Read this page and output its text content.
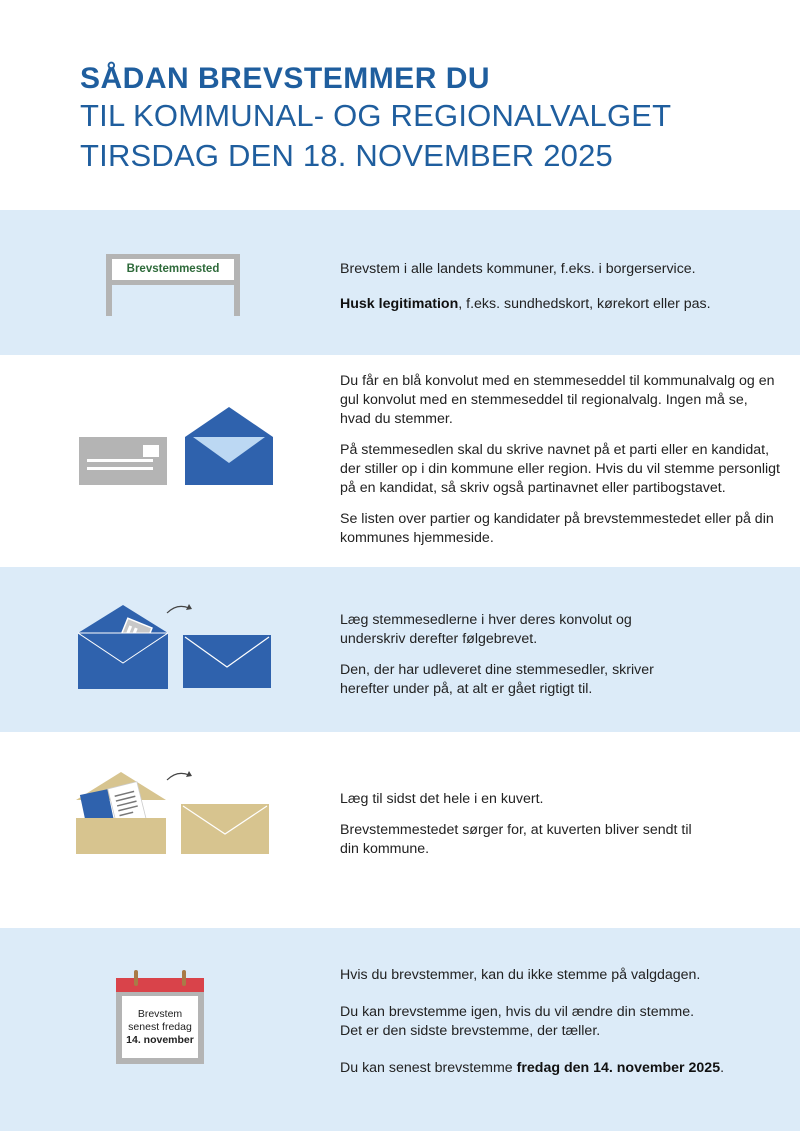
SÅDAN BREVSTEMMER DU
TIL KOMMUNAL- OG REGIONALVALGET
TIRSDAG DEN 18. NOVEMBER 2025
Brevstemmested	Brevstem i alle landets kommuner, f.eks. i borgerservice.

Husk legitimation, f.eks. sundhedskort, kørekort eller pas.

Du får en blå konvolut med en stemmeseddel til kommunalvalg og en gul konvolut med en stemmeseddel til regionalvalg. Ingen må se, hvad du stemmer.

På stemmesedlen skal du skrive navnet på et parti eller en kandidat, der stiller op i din kommune eller region. Hvis du vil stemme personligt på en kandidat, så skriv også partinavnet eller partibogstavet.

Se listen over partier og kandidater på brevstemmestedet eller på din kommunes hjemmeside.

Læg stemmesedlerne i hver deres konvolut og underskriv derefter følgebrevet.

Den, der har udleveret dine stemmesedler, skriver herefter under på, at alt er gået rigtigt til.

Læg til sidst det hele i en kuvert.

Brevstemmestedet sørger for, at kuverten bliver sendt til din kommune.

Brevstem
senest fredag
14. november

Hvis du brevstemmer, kan du ikke stemme på valgdagen.

Du kan brevstemme igen, hvis du vil ændre din stemme.
Det er den sidste brevstemme, der tæller.

Du kan senest brevstemme fredag den 14. november 2025.
